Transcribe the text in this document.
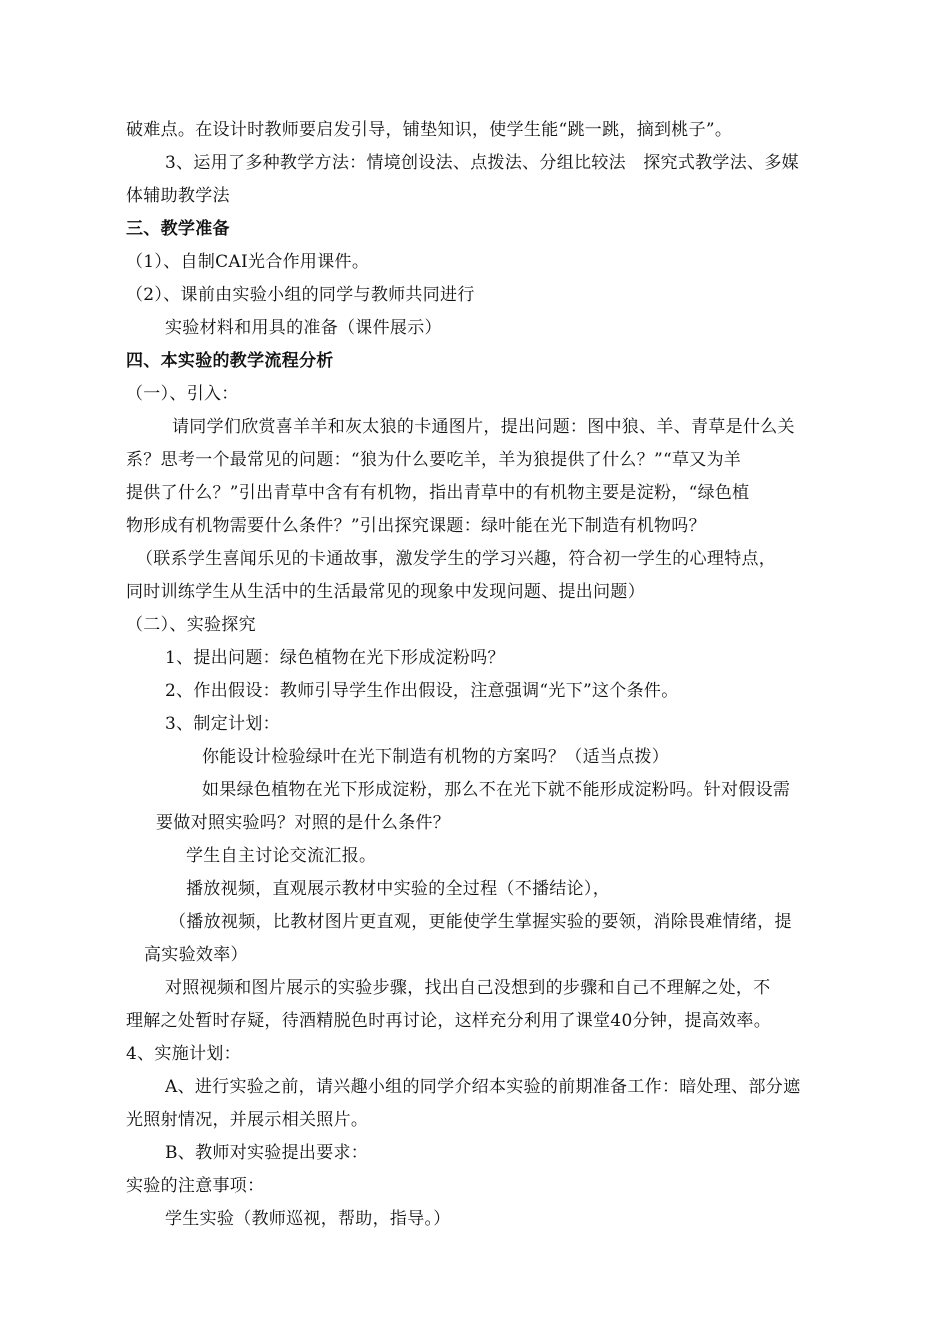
破难点。在设计时教师要启发引导，铺垫知识，使学生能“跳一跳，摘到桃子”。
3、运用了多种教学方法：情境创设法、点拨法、分组比较法　探究式教学法、多媒
体辅助教学法
三、教学准备
（1）、自制CAI光合作用课件。
（2）、课前由实验小组的同学与教师共同进行
实验材料和用具的准备（课件展示）
四、本实验的教学流程分析
（一）、引入：
请同学们欣赏喜羊羊和灰太狼的卡通图片，提出问题：图中狼、羊、青草是什么关
系？思考一个最常见的问题：“狼为什么要吃羊，羊为狼提供了什么？”“草又为羊
提供了什么？”引出青草中含有有机物，指出青草中的有机物主要是淀粉，“绿色植
物形成有机物需要什么条件？”引出探究课题：绿叶能在光下制造有机物吗？
（联系学生喜闻乐见的卡通故事，激发学生的学习兴趣，符合初一学生的心理特点，
同时训练学生从生活中的生活最常见的现象中发现问题、提出问题）
（二）、实验探究
1、提出问题：绿色植物在光下形成淀粉吗？
2、作出假设：教师引导学生作出假设，注意强调“光下”这个条件。
3、制定计划：
你能设计检验绿叶在光下制造有机物的方案吗？（适当点拨）
如果绿色植物在光下形成淀粉，那么不在光下就不能形成淀粉吗。针对假设需
要做对照实验吗？对照的是什么条件？
学生自主讨论交流汇报。
播放视频，直观展示教材中实验的全过程（不播结论），
（播放视频，比教材图片更直观，更能使学生掌握实验的要领，消除畏难情绪，提
高实验效率）
对照视频和图片展示的实验步骤，找出自己没想到的步骤和自己不理解之处，不
理解之处暂时存疑，待酒精脱色时再讨论，这样充分利用了课堂40分钟，提高效率。
4、实施计划：
A、进行实验之前，请兴趣小组的同学介绍本实验的前期准备工作：暗处理、部分遮
光照射情况，并展示相关照片。
B、教师对实验提出要求：
实验的注意事项：
学生实验（教师巡视，帮助，指导。）
